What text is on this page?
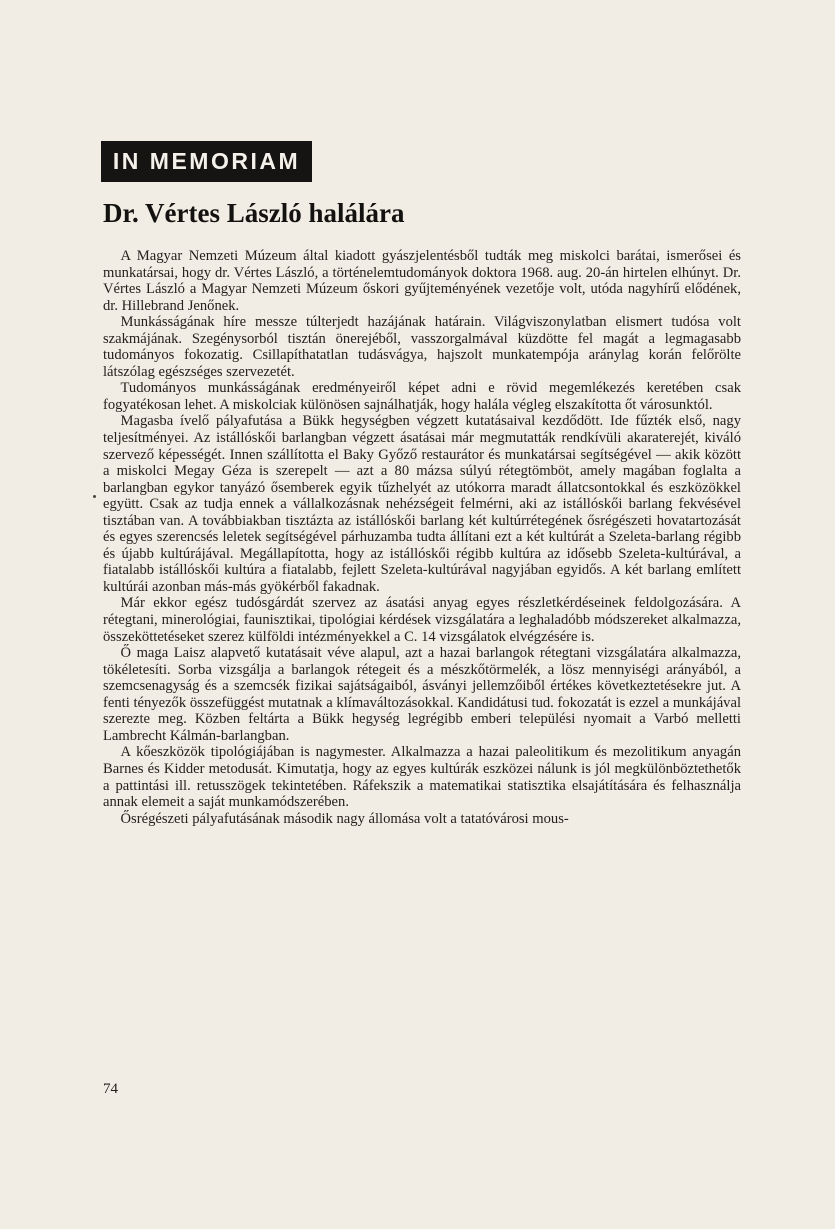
IN MEMORIAM
Dr. Vértes László halálára

A Magyar Nemzeti Múzeum által kiadott gyászjelentésből tudták meg miskolci barátai, ismerősei és munkatársai, hogy dr. Vértes László, a történelemtudományok doktora 1968. aug. 20-án hirtelen elhúnyt. Dr. Vértes László a Magyar Nemzeti Múzeum őskori gyűjteményének vezetője volt, utóda nagyhírű elődének, dr. Hillebrand Jenőnek.

Munkásságának híre messze túlterjedt hazájának határain. Világviszonylatban elismert tudósa volt szakmájának. Szegénysorból tisztán önerejéből, vasszorgalmával küzdötte fel magát a legmagasabb tudományos fokozatig. Csillapíthatatlan tudásvágya, hajszolt munkatempója aránylag korán felőrölte látszólag egészséges szervezetét.

Tudományos munkásságának eredményeiről képet adni e rövid megemlékezés keretében csak fogyatékosan lehet. A miskolciak különösen sajnálhatják, hogy halála végleg elszakította őt városunktól.

Magasba ívelő pályafutása a Bükk hegységben végzett kutatásaival kezdődött. Ide fűzték első, nagy teljesítményei. Az istállóskői barlangban végzett ásatásai már megmutatták rendkívüli akaraterejét, kiváló szervező képességét. Innen szállította el Baky Győző restaurátor és munkatársai segítségével — akik között a miskolci Megay Géza is szerepelt — azt a 80 mázsa súlyú rétegtömböt, amely magában foglalta a barlangban egykor tanyázó ősemberek egyik tűzhelyét az utókorra maradt állatcsontokkal és eszközökkel együtt. Csak az tudja ennek a vállalkozásnak nehézségeit felmérni, aki az istállóskői barlang fekvésével tisztában van. A továbbiakban tisztázta az istállóskői barlang két kultúrrétegének ősrégészeti hovatartozását és egyes szerencsés leletek segítségével párhuzamba tudta állítani ezt a két kultúrát a Szeleta-barlang régibb és újabb kultúrájával. Megállapította, hogy az istállóskői régibb kultúra az idősebb Szeleta-kultúrával, a fiatalabb istállóskői kultúra a fiatalabb, fejlett Szeleta-kultúrával nagyjában egyidős. A két barlang említett kultúrái azonban más-más gyökérből fakadnak.

Már ekkor egész tudósgárdát szervez az ásatási anyag egyes részletkérdéseinek feldolgozására. A rétegtani, minerológiai, faunisztikai, tipológiai kérdések vizsgálatára a leghaladóbb módszereket alkalmazza, összeköttetéseket szerez külföldi intézményekkel a C. 14 vizsgálatok elvégzésére is.

Ő maga Laisz alapvető kutatásait véve alapul, azt a hazai barlangok rétegtani vizsgálatára alkalmazza, tökéletesíti. Sorba vizsgálja a barlangok rétegeit és a mészkőtörmelék, a lösz mennyiségi arányából, a szemcsenagyság és a szemcsék fizikai sajátságaiból, ásványi jellemzőiből értékes következtetésekre jut. A fenti tényezők összefüggést mutatnak a klímaváltozásokkal. Kandidátusi tud. fokozatát is ezzel a munkájával szerezte meg. Közben feltárta a Bükk hegység legrégibb emberi települési nyomait a Varbó melletti Lambrecht Kálmán-barlangban.

A kőeszközök tipológiájában is nagymester. Alkalmazza a hazai paleolitikum és mezolitikum anyagán Barnes és Kidder metodusát. Kimutatja, hogy az egyes kultúrák eszközei nálunk is jól megkülönböztethetők a pattintási ill. retusszögek tekintetében. Ráfekszik a matematikai statisztika elsajátítására és felhasználja annak elemeit a saját munkamódszerében.

Ősrégészeti pályafutásának második nagy állomása volt a tatatóvárosi mous-

74
